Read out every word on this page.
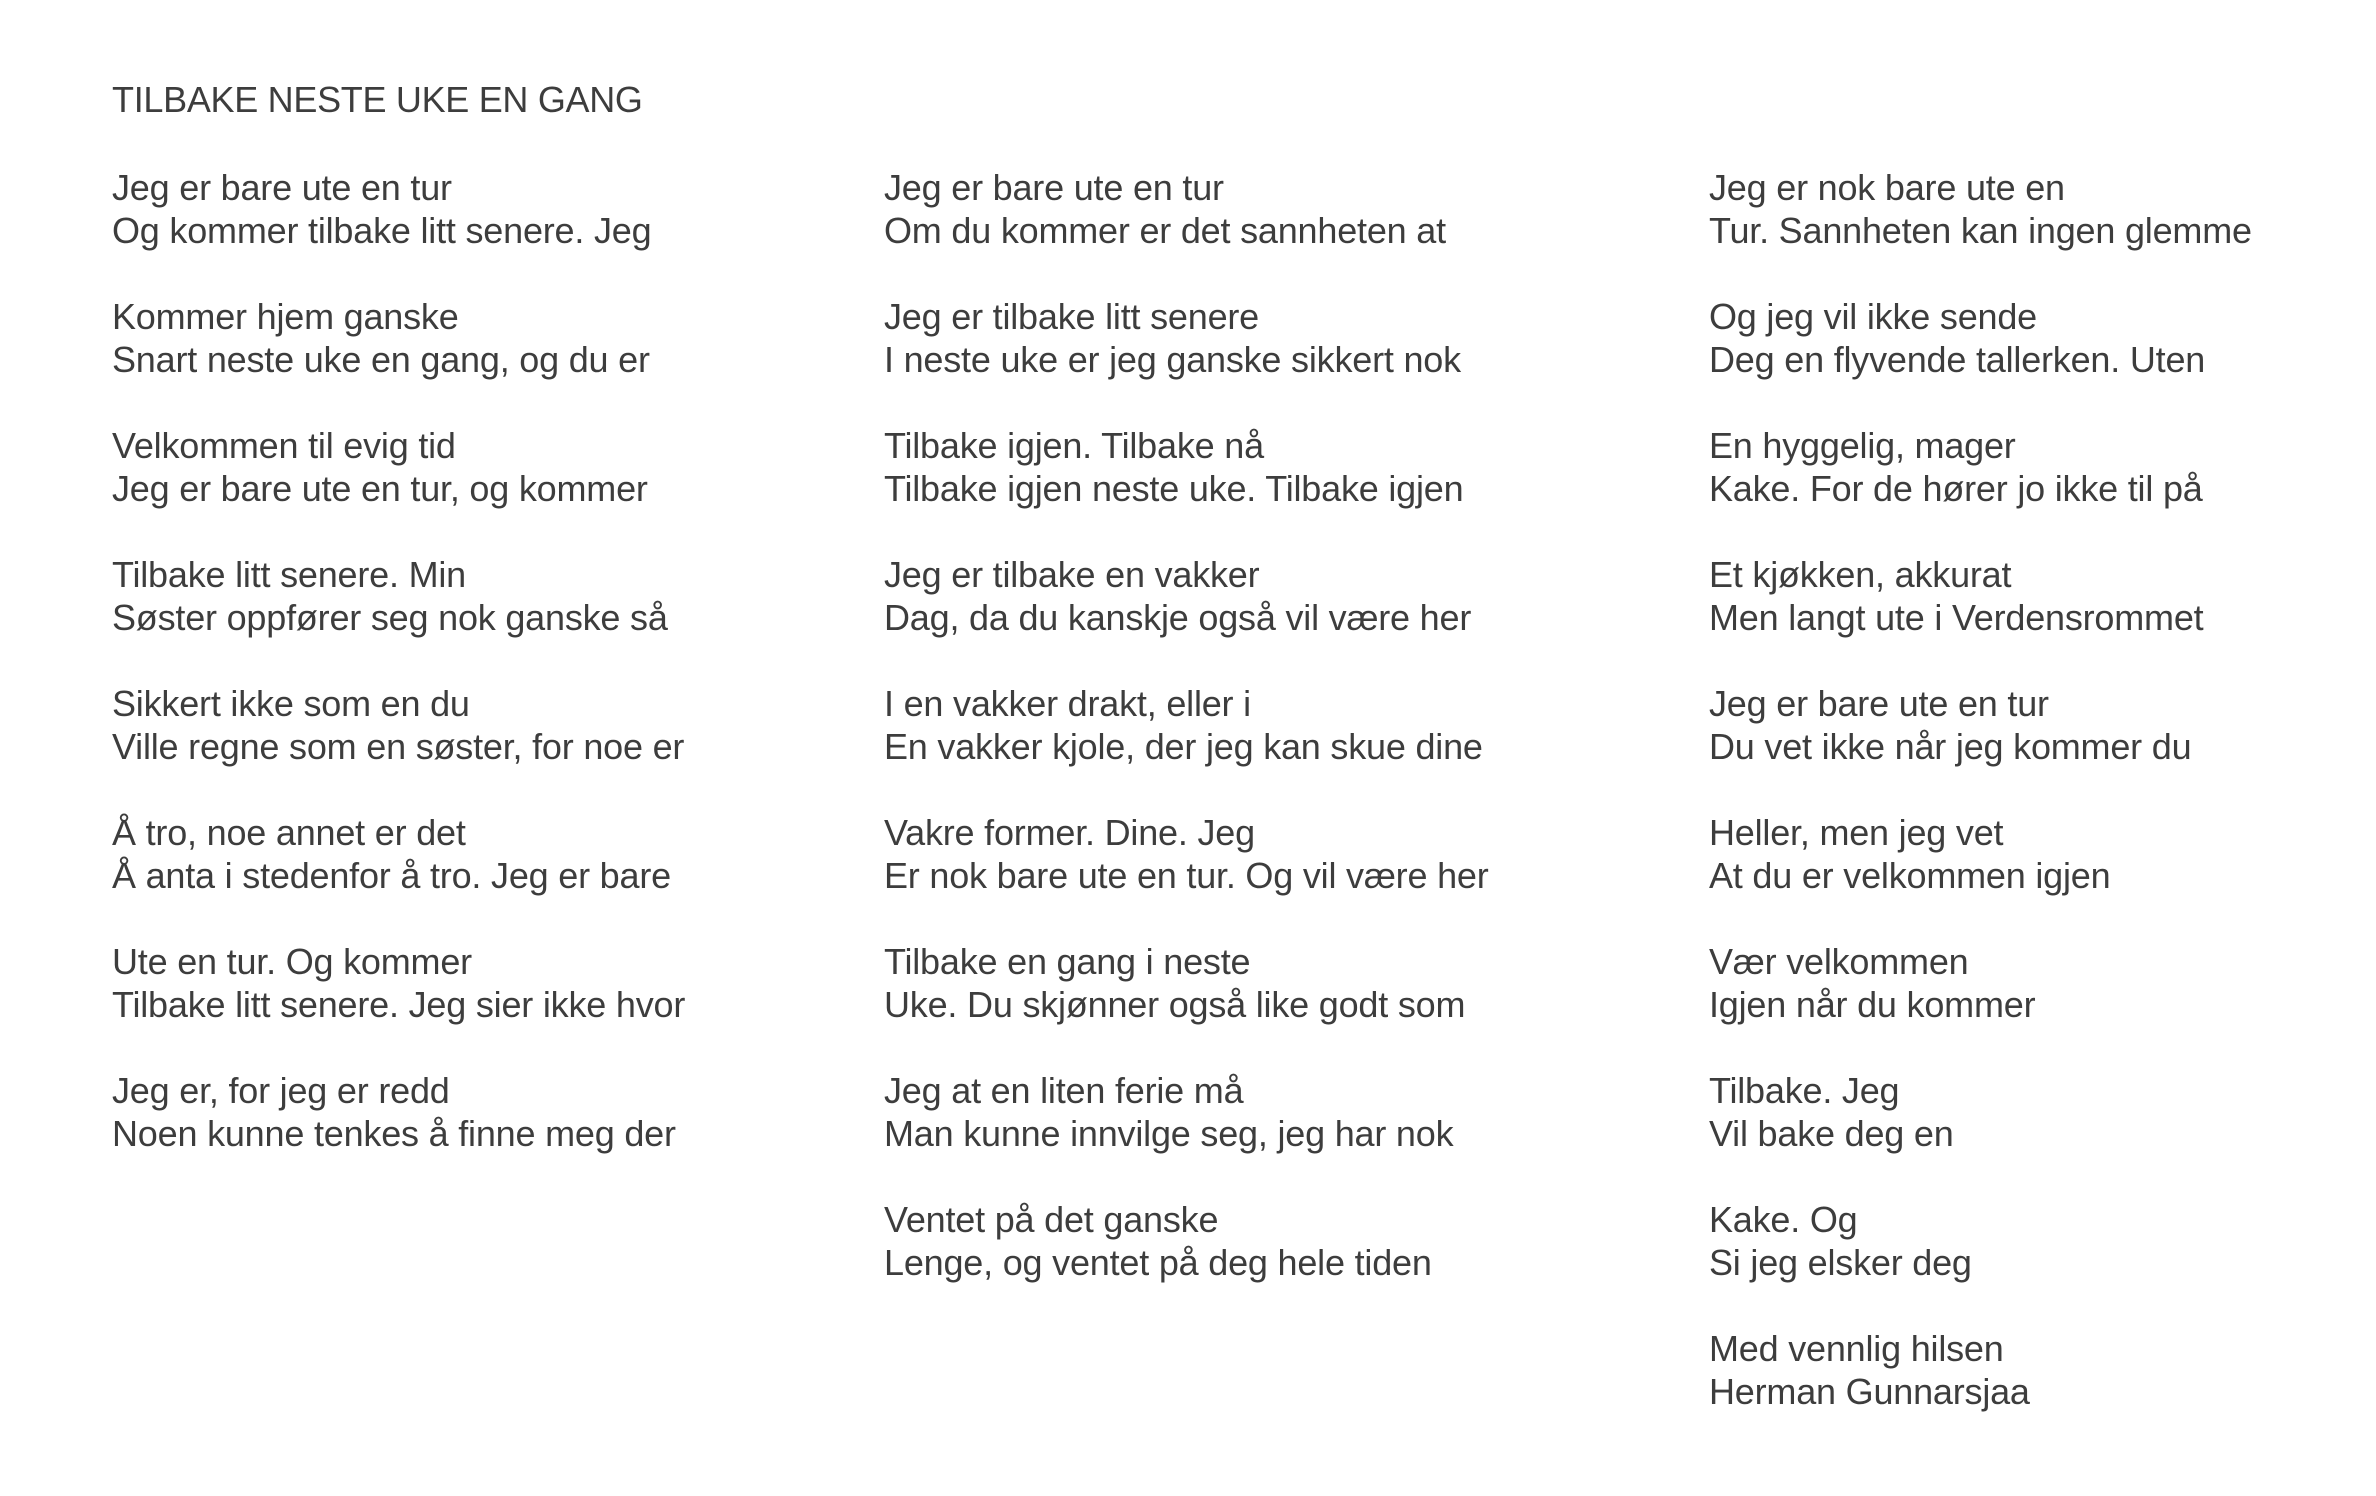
TILBAKE NESTE UKE EN GANG
Jeg er bare ute en tur
Og kommer tilbake litt senere. Jeg
Kommer hjem ganske
Snart neste uke en gang, og du er
Velkommen til evig tid
Jeg er bare ute en tur, og kommer
Tilbake litt senere. Min
Søster oppfører seg nok ganske så
Sikkert ikke som en du
Ville regne som en søster, for noe er
Å tro, noe annet er det
Å anta i stedenfor å tro. Jeg er bare
Ute en tur. Og kommer
Tilbake litt senere. Jeg sier ikke hvor
Jeg er, for jeg er redd
Noen kunne tenkes å finne meg der
Jeg er bare ute en tur
Om du kommer er det sannheten at
Jeg er tilbake litt senere
I neste uke er jeg ganske sikkert nok
Tilbake igjen. Tilbake nå
Tilbake igjen neste uke. Tilbake igjen
Jeg er tilbake en vakker
Dag, da du kanskje også vil være her
I en vakker drakt, eller i
En vakker kjole, der jeg kan skue dine
Vakre former. Dine. Jeg
Er nok bare ute en tur. Og vil være her
Tilbake en gang i neste
Uke. Du skjønner også like godt som
Jeg at en liten ferie må
Man kunne innvilge seg, jeg har nok
Ventet på det ganske
Lenge, og ventet på deg hele tiden
Jeg er nok bare ute en
Tur. Sannheten kan ingen glemme
Og jeg vil ikke sende
Deg en flyvende tallerken. Uten
En hyggelig, mager
Kake. For de hører jo ikke til på
Et kjøkken, akkurat
Men langt ute i Verdensrommet
Jeg er bare ute en tur
Du vet ikke når jeg kommer du
Heller, men jeg vet
At du er velkommen igjen
Vær velkommen
Igjen når du kommer
Tilbake. Jeg
Vil bake deg en
Kake. Og
Si jeg elsker deg
Med vennlig hilsen
Herman Gunnarsjaa
